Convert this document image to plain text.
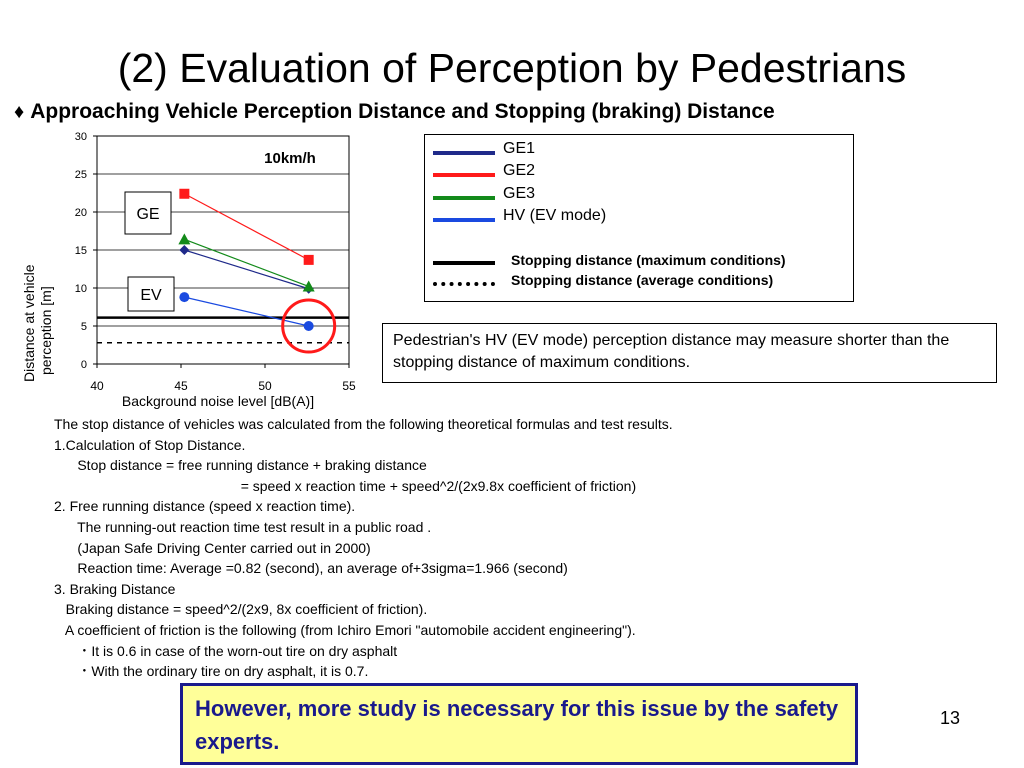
(2) Evaluation of Perception by Pedestrians
♦ Approaching Vehicle Perception Distance and Stopping (braking) Distance
0
5
10
15
20
25
30
40	45	50	55
GE
EV
10km/h
Background noise level [dB(A)]
Distance at vehicle perception [m]
GE1
GE2
GE3
HV (EV mode)
Stopping distance (maximum conditions)
Stopping distance (average conditions)
Pedestrian's HV (EV mode) perception distance may measure shorter than the stopping distance of maximum conditions.
The stop distance of vehicles was calculated from the following theoretical formulas and test results.
1.Calculation of Stop Distance.
Stop distance = free running distance + braking distance
= speed x reaction time + speed^2/(2x9.8x coefficient of friction)
2. Free running distance (speed x reaction time).
The running-out reaction time test result in a public road .
(Japan Safe Driving Center carried out in 2000)
Reaction time: Average =0.82 (second), an average of+3sigma=1.966 (second)
3. Braking Distance
Braking distance = speed^2/(2x9, 8x coefficient of friction).
A coefficient of friction is the following (from Ichiro Emori "automobile accident engineering").
・It is 0.6 in case of the worn-out tire on dry asphalt
・With the ordinary tire on dry asphalt, it is 0.7.
However, more study is necessary for this issue by the safety experts.
13
